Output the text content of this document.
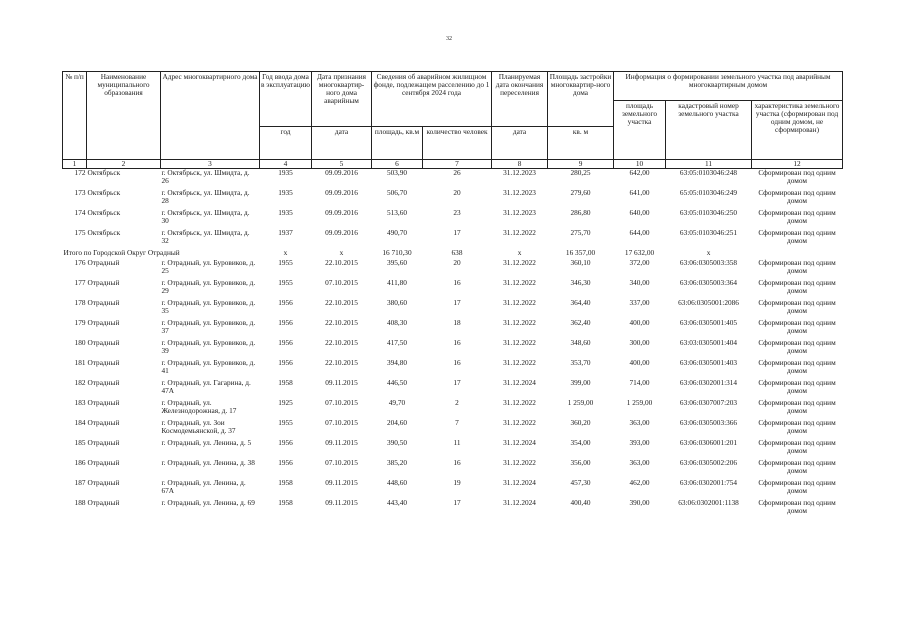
32
№ п/п	Наименование муниципального образования	Адрес многоквартирного дома	Год ввода дома в эксплуатацию	Дата признания многоквартир-ного дома аварийным	Сведения об аварийном жилищном фонде, подлежащем расселению до 1 сентября 2024 года		Планируемая дата окончания переселения	Площадь застройки многоквартир-ного дома	Информация о формировании земельного участка под аварийным многоквартирным домом		
									площадь земельного участка	кадастровый номер земельного участка	характеристика земельного участка (сформирован под одним домом, не сформирован)
			год	дата	площадь, кв.м	количество человек	дата	кв. м			
1	2	3	4	5	6	7	8	9	10	11	12
172	Октябрьск	г. Октябрьск, ул. Шмидта, д. 26	1935	09.09.2016	503,90	26	31.12.2023	280,25	642,00	63:05:0103046:248	Сформирован под одним домом
173	Октябрьск	г. Октябрьск, ул. Шмидта, д. 28	1935	09.09.2016	506,70	20	31.12.2023	279,60	641,00	65:05:0103046:249	Сформирован под одним домом
174	Октябрьск	г. Октябрьск, ул. Шмидта, д. 30	1935	09.09.2016	513,60	23	31.12.2023	286,80	640,00	63:05:0103046:250	Сформирован под одним домом
175	Октябрьск	г. Октябрьск, ул. Шмидта, д. 32	1937	09.09.2016	490,70	17	31.12.2022	275,70	644,00	63:05:0103046:251	Сформирован под одним домом
Итого по Городской Округ Отрадный			х	х	16 710,30	638	х	16 357,00	17 632,00	х	
176	Отрадный	г. Отрадный, ул. Буровиков, д. 25	1955	22.10.2015	395,60	20	31.12.2022	360,10	372,00	63:06:0305003:358	Сформирован под одним домом
177	Отрадный	г. Отрадный, ул. Буровиков, д. 29	1955	07.10.2015	411,80	16	31.12.2022	346,30	340,00	63:06:0305003:364	Сформирован под одним домом
178	Отрадный	г. Отрадный, ул. Буровиков, д. 35	1956	22.10.2015	380,60	17	31.12.2022	364,40	337,00	63:06:0305001:2086	Сформирован под одним домом
179	Отрадный	г. Отрадный, ул. Буровиков, д. 37	1956	22.10.2015	408,30	18	31.12.2022	362,40	400,00	63:06:0305001:405	Сформирован под одним домом
180	Отрадный	г. Отрадный, ул. Буровиков, д. 39	1956	22.10.2015	417,50	16	31.12.2022	348,60	300,00	63:03:0305001:404	Сформирован под одним домом
181	Отрадный	г. Отрадный, ул. Буровиков, д. 41	1956	22.10.2015	394,80	16	31.12.2022	353,70	400,00	63:06:0305001:403	Сформирован под одним домом
182	Отрадный	г. Отрадный, ул. Гагарина, д. 47А	1958	09.11.2015	446,50	17	31.12.2024	399,00	714,00	63:06:0302001:314	Сформирован под одним домом
183	Отрадный	г. Отрадный, ул. Железнодорожная, д. 17	1925	07.10.2015	49,70	2	31.12.2022	1 259,00	1 259,00	63:06:0307007:203	Сформирован под одним домом
184	Отрадный	г. Отрадный, ул. Зои Космодемьянской, д. 37	1955	07.10.2015	204,60	7	31.12.2022	360,20	363,00	63:06:0305003:366	Сформирован под одним домом
185	Отрадный	г. Отрадный, ул. Ленина, д. 5	1956	09.11.2015	390,50	11	31.12.2024	354,00	393,00	63:06:0306001:201	Сформирован под одним домом
186	Отрадный	г. Отрадный, ул. Ленина, д. 38	1956	07.10.2015	385,20	16	31.12.2022	356,00	363,00	63:06:0305002:206	Сформирован под одним домом
187	Отрадный	г. Отрадный, ул. Ленина, д. 67А	1958	09.11.2015	448,60	19	31.12.2024	457,30	462,00	63:06:0302001:754	Сформирован под одним домом
188	Отрадный	г. Отрадный, ул. Ленина, д. 69	1958	09.11.2015	443,40	17	31.12.2024	400,40	390,00	63:06:0302001:1138	Сформирован под одним домом
